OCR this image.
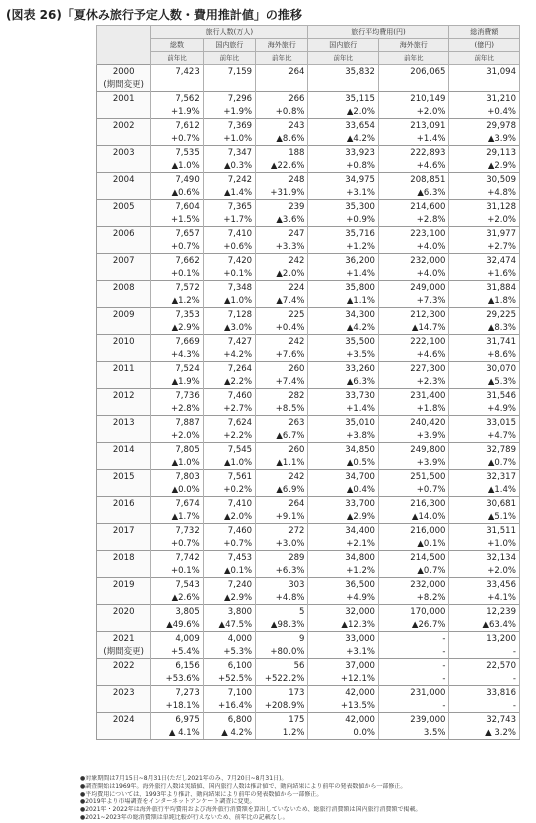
(図表 26)「夏休み旅行予定人数・費用推計値」の推移
	旅行人数(万人)			旅行平均費用(円)		総消費額
	総数	国内旅行	海外旅行	国内旅行	海外旅行	(億円)
	前年比	前年比	前年比	前年比	前年比	前年比
2000	7,423	7,159	264	35,832	206,065	31,094
(期間変更)						
2001	7,562	7,296	266	35,115	210,149	31,210
	+1.9%	+1.9%	+0.8%	▲2.0%	+2.0%	+0.4%
2002	7,612	7,369	243	33,654	213,091	29,978
	+0.7%	+1.0%	▲8.6%	▲4.2%	+1.4%	▲3.9%
2003	7,535	7,347	188	33,923	222,893	29,113
	▲1.0%	▲0.3%	▲22.6%	+0.8%	+4.6%	▲2.9%
2004	7,490	7,242	248	34,975	208,851	30,509
	▲0.6%	▲1.4%	+31.9%	+3.1%	▲6.3%	+4.8%
2005	7,604	7,365	239	35,300	214,600	31,128
	+1.5%	+1.7%	▲3.6%	+0.9%	+2.8%	+2.0%
2006	7,657	7,410	247	35,716	223,100	31,977
	+0.7%	+0.6%	+3.3%	+1.2%	+4.0%	+2.7%
2007	7,662	7,420	242	36,200	232,000	32,474
	+0.1%	+0.1%	▲2.0%	+1.4%	+4.0%	+1.6%
2008	7,572	7,348	224	35,800	249,000	31,884
	▲1.2%	▲1.0%	▲7.4%	▲1.1%	+7.3%	▲1.8%
2009	7,353	7,128	225	34,300	212,300	29,225
	▲2.9%	▲3.0%	+0.4%	▲4.2%	▲14.7%	▲8.3%
2010	7,669	7,427	242	35,500	222,100	31,741
	+4.3%	+4.2%	+7.6%	+3.5%	+4.6%	+8.6%
2011	7,524	7,264	260	33,260	227,300	30,070
	▲1.9%	▲2.2%	+7.4%	▲6.3%	+2.3%	▲5.3%
2012	7,736	7,460	282	33,730	231,400	31,546
	+2.8%	+2.7%	+8.5%	+1.4%	+1.8%	+4.9%
2013	7,887	7,624	263	35,010	240,420	33,015
	+2.0%	+2.2%	▲6.7%	+3.8%	+3.9%	+4.7%
2014	7,805	7,545	260	34,850	249,800	32,789
	▲1.0%	▲1.0%	▲1.1%	▲0.5%	+3.9%	▲0.7%
2015	7,803	7,561	242	34,700	251,500	32,317
	▲0.0%	+0.2%	▲6.9%	▲0.4%	+0.7%	▲1.4%
2016	7,674	7,410	264	33,700	216,300	30,681
	▲1.7%	▲2.0%	+9.1%	▲2.9%	▲14.0%	▲5.1%
2017	7,732	7,460	272	34,400	216,000	31,511
	+0.7%	+0.7%	+3.0%	+2.1%	▲0.1%	+1.0%
2018	7,742	7,453	289	34,800	214,500	32,134
	+0.1%	▲0.1%	+6.3%	+1.2%	▲0.7%	+2.0%
2019	7,543	7,240	303	36,500	232,000	33,456
	▲2.6%	▲2.9%	+4.8%	+4.9%	+8.2%	+4.1%
2020	3,805	3,800	5	32,000	170,000	12,239
	▲49.6%	▲47.5%	▲98.3%	▲12.3%	▲26.7%	▲63.4%
2021	4,009	4,000	9	33,000	-	13,200
(期間変更)	+5.4%	+5.3%	+80.0%	+3.1%	-	-
2022	6,156	6,100	56	37,000	-	22,570
	+53.6%	+52.5%	+522.2%	+12.1%	-	-
2023	7,273	7,100	173	42,000	231,000	33,816
	+18.1%	+16.4%	+208.9%	+13.5%	-	-
2024	6,975	6,800	175	42,000	239,000	32,743
	▲ 4.1%	▲ 4.2%	1.2%	0.0%	3.5%	▲ 3.2%
●対象期間は7月15日~8月31日(ただし2021年のみ、7月20日~8月31日)。
●調査開始は1969年。海外旅行人数は実績値、国内旅行人数は推計値で、動向結果により前年の発表数値から一部修正。
●平均費用については、1993年より推計、動向結果により前年の発表数値から一部修正。
●2019年より市場調査をインターネットアンケート調査に変更。
●2021年・2022年は海外旅行平均費用および海外旅行消費額を算出していないため、総旅行消費額は国内旅行消費額で掲載。
●2021~2023年の総消費額は単純比較が行えないため、前年比の記載なし。
